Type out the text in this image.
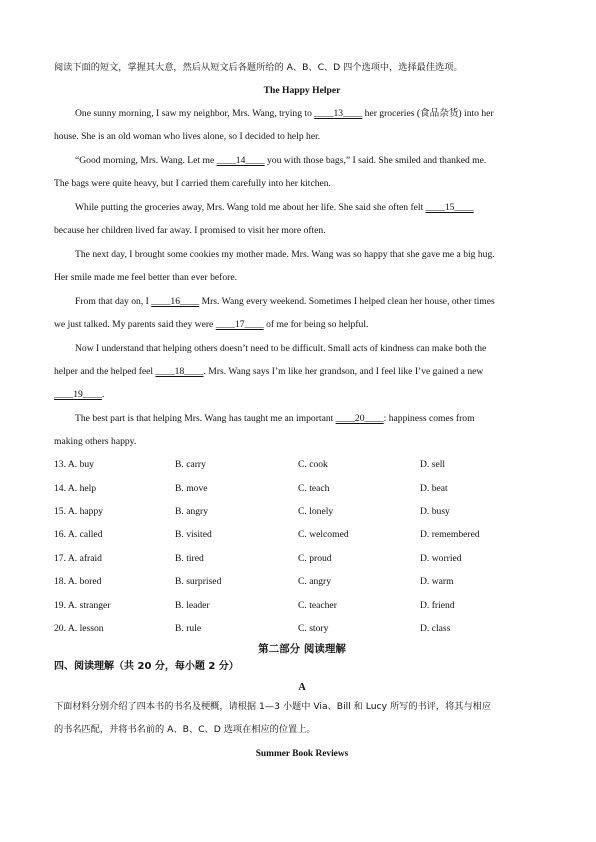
阅读下面的短文，掌握其大意，然后从短文后各题所给的 A、B、C、D 四个选项中，选择最佳选项。
The Happy Helper
One sunny morning, I saw my neighbor, Mrs. Wang, trying to ____13____ her groceries (食品杂货) into her
house. She is an old woman who lives alone, so I decided to help her.
“Good morning, Mrs. Wang. Let me ____14____ you with those bags,” I said. She smiled and thanked me.
The bags were quite heavy, but I carried them carefully into her kitchen.
While putting the groceries away, Mrs. Wang told me about her life. She said she often felt ____15____
because her children lived far away. I promised to visit her more often.
The next day, I brought some cookies my mother made. Mrs. Wang was so happy that she gave me a big hug.
Her smile made me feel better than ever before.
From that day on, I ____16____ Mrs. Wang every weekend. Sometimes I helped clean her house, other times
we just talked. My parents said they were ____17____ of me for being so helpful.
Now I understand that helping others doesn’t need to be difficult. Small acts of kindness can make both the
helper and the helped feel ____18____. Mrs. Wang says I’m like her grandson, and I feel like I’ve gained a new
____19____.
The best part is that helping Mrs. Wang has taught me an important ____20____: happiness comes from
making others happy.
13. A. buy	B. carry	C. cook	D. sell
14. A. help	B. move	C. teach	D. beat
15. A. happy	B. angry	C. lonely	D. busy
16. A. called	B. visited	C. welcomed	D. remembered
17. A. afraid	B. tired	C. proud	D. worried
18. A. bored	B. surprised	C. angry	D. warm
19. A. stranger	B. leader	C. teacher	D. friend
20. A. lesson	B. rule	C. story	D. class
第二部分 阅读理解
四、阅读理解（共 20 分，每小题 2 分）
A
下面材料分别介绍了四本书的书名及梗概，请根据 1—3 小题中 Via、Bill 和 Lucy 所写的书评，将其与相应
的书名匹配，并将书名前的 A、B、C、D 选项在相应的位置上。
Summer Book Reviews
